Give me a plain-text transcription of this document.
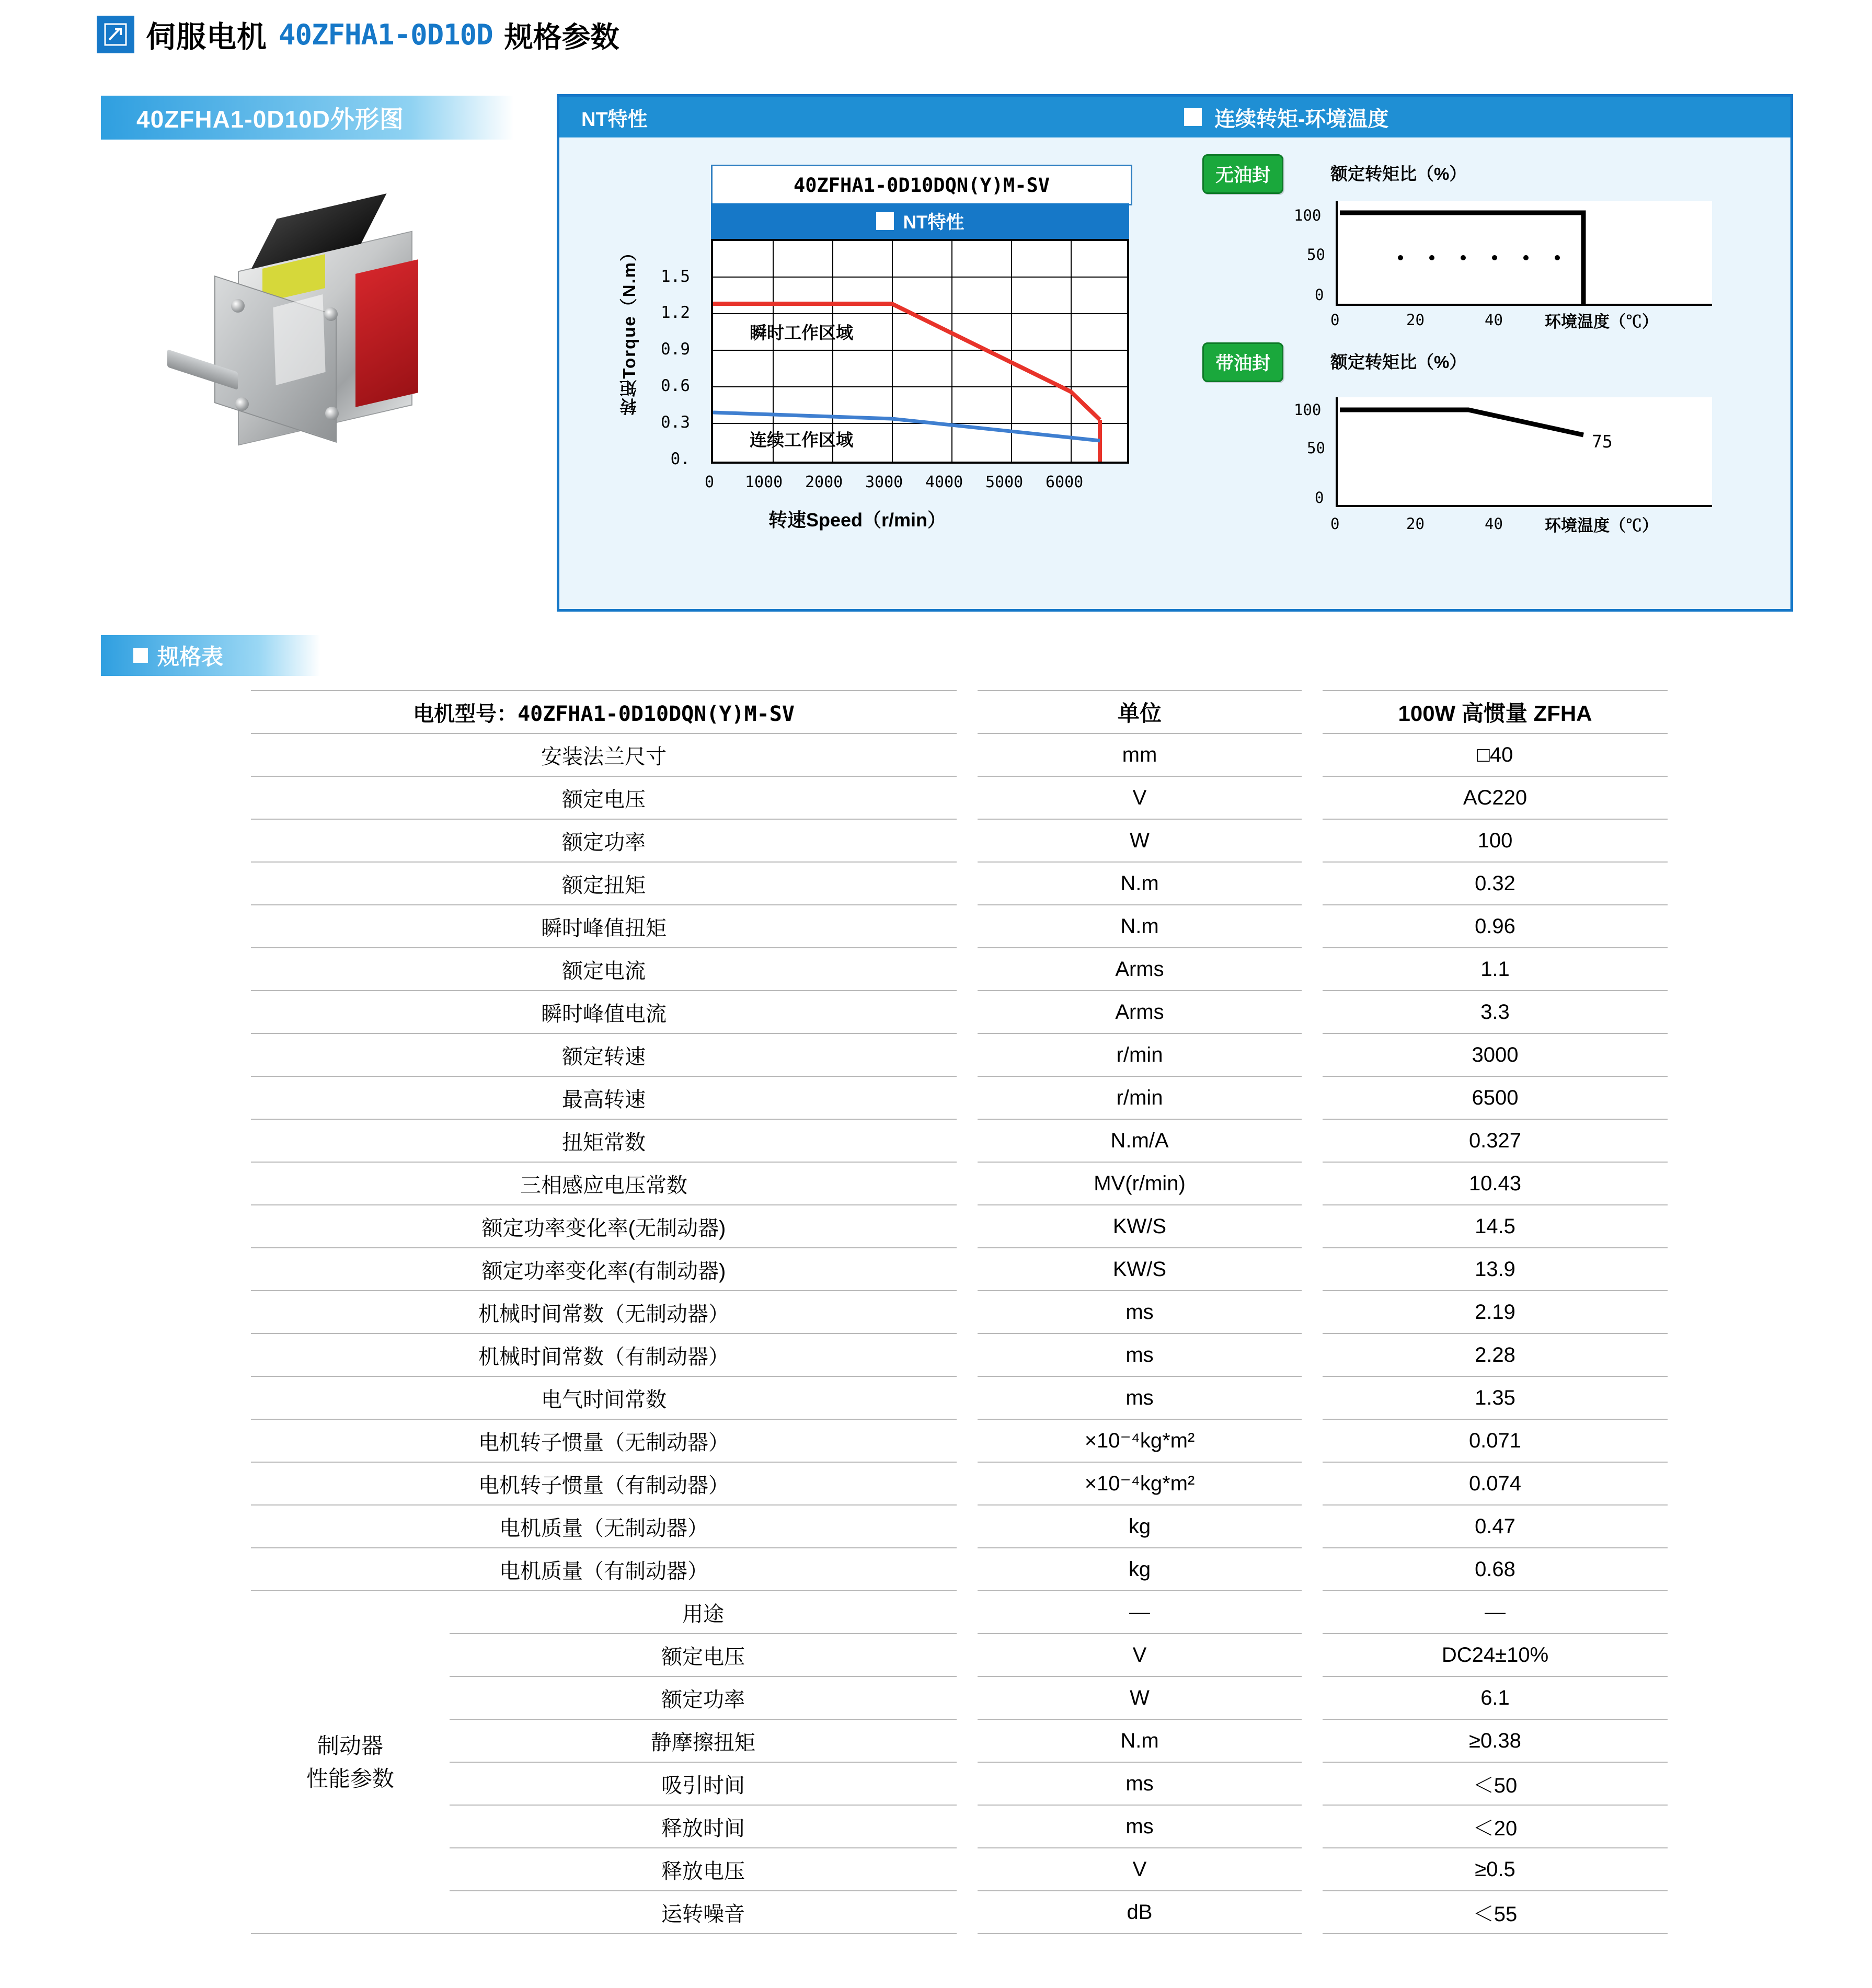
伺服电机 40ZFHA1-0D10D 规格参数
40ZFHA1-0D10D外形图	NT特性	连续转矩-环境温度
40ZFHA1-0D10DQN(Y)M-SV
NT特性
转矩Torque（N.m）	1.5
1.2
0.9
0.6
0.3
0.
瞬时工作区域
连续工作区域
0 1000 2000 3000 4000 5000 6000
转速Speed（r/min）
无油封	额定转矩比（%）
100
50
0
0	20	40	环境温度（℃）
带油封	额定转矩比（%）
100
50
0
0	20	40
75
环境温度（℃）
规格表
电机型号：40ZFHA1-0D10DQN(Y)M-SV			单位		100W 高惯量 ZFHA
安装法兰尺寸			mm		□40
额定电压			V		AC220
额定功率			W		100
额定扭矩			N.m		0.32
瞬时峰值扭矩			N.m		0.96
额定电流			Arms		1.1
瞬时峰值电流			Arms		3.3
额定转速			r/min		3000
最高转速			r/min		6500
扭矩常数			N.m/A		0.327
三相感应电压常数			MV(r/min)		10.43
额定功率变化率(无制动器)			KW/S		14.5
额定功率变化率(有制动器)			KW/S		13.9
机械时间常数（无制动器）			ms		2.19
机械时间常数（有制动器）			ms		2.28
电气时间常数			ms		1.35
电机转子惯量（无制动器）			×10⁻⁴kg*m²		0.071
电机转子惯量（有制动器）			×10⁻⁴kg*m²		0.074
电机质量（无制动器）			kg		0.47
电机质量（有制动器）			kg		0.68

制动器
性能参数	用途		—		—
	额定电压		V		DC24±10%
	额定功率		W		6.1
	静摩擦扭矩		N.m		≥0.38
	吸引时间		ms		＜50
	释放时间		ms		＜20
	释放电压		V		≥0.5
	运转噪音		dB		＜55
